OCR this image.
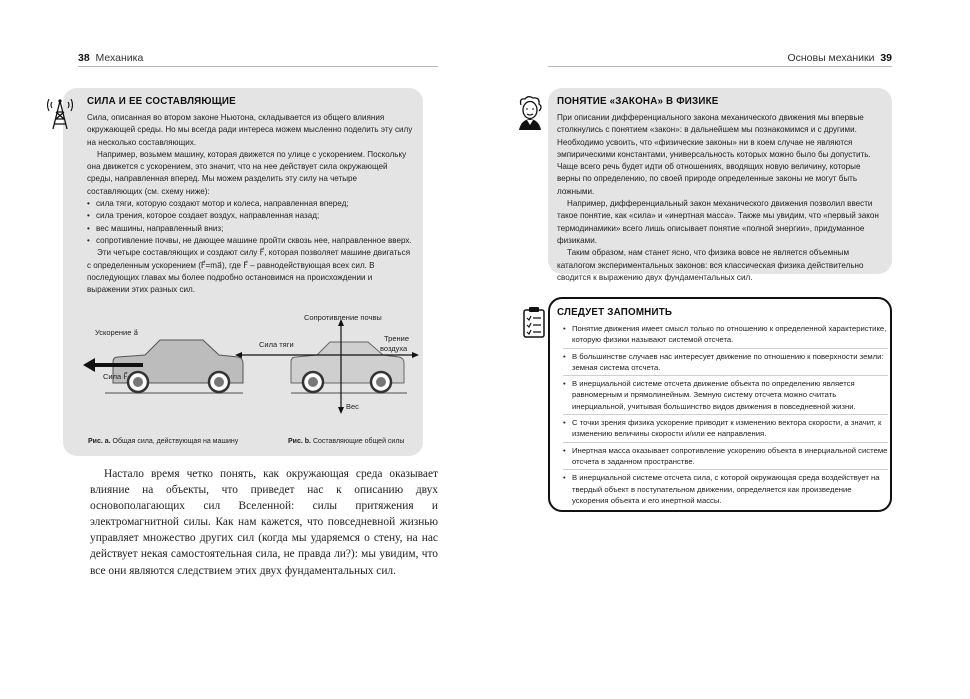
38 Механика	Основы механики 39
СИЛА И ЕЕ СОСТАВЛЯЮЩИЕ

Сила, описанная во втором законе Ньютона, складывается из общего влияния окружающей среды. Но мы всегда ради интереса можем мысленно поделить эту силу на несколько составляющих.

Например, возьмем машину, которая движется по улице с ускорением. Поскольку она движется с ускорением, это значит, что на нее действует сила окружающей среды, направленная вперед. Мы можем разделить эту силу на четыре составляющих (см. схему ниже):

• сила тяги, которую создают мотор и колеса, направленная вперед;
• сила трения, которое создает воздух, направленная назад;
• вес машины, направленный вниз;
• сопротивление почвы, не дающее машине пройти сквозь нее, направленное вверх.

Эти четыре составляющих и создают силу F⃗, которая позволяет машине двигаться с определенным ускорением (F⃗=ma⃗), где F⃗ – равнодействующая всех сил. В последующих главах мы более подробно остановимся на происхождении и выражении этих разных сил.

Ускорение a⃗
Сила F⃗
Сопротивление почвы
Сила тяги
Трение
воздуха
Вес
Рис. a. Общая сила, действующая на машину	Рис. b. Составляющие общей силы

Настало время четко понять, как окружающая среда оказывает влияние на объекты, что приведет нас к описанию двух основополагающих сил Вселенной: силы притяжения и электромагнитной силы. Как нам кажется, что повседневной жизнью управляет множество других сил (когда мы ударяемся о стену, на нас действует некая самостоятельная сила, не правда ли?): мы увидим, что все они являются следствием этих двух фундаментальных сил.

ПОНЯТИЕ «ЗАКОНА» В ФИЗИКЕ

При описании дифференциального закона механического движения мы впервые столкнулись с понятием «закон»: в дальнейшем мы познакомимся и с другими. Необходимо усвоить, что «физические законы» ни в коем случае не являются эмпирическими константами, универсальность которых можно было бы допустить. Чаще всего речь будет идти об отношениях, вводящих новую величину, которые верны по определению, по своей природе определенные законы не могут быть ложными.

Например, дифференциальный закон механического движения позволил ввести такое понятие, как «сила» и «инертная масса». Также мы увидим, что «первый закон термодинамики» всего лишь описывает понятие «полной энергии», придуманное физиками.

Таким образом, нам станет ясно, что физика вовсе не является объемным каталогом экспериментальных законов: вся классическая физика действительно сводится к выражению двух фундаментальных сил.

СЛЕДУЕТ ЗАПОМНИТЬ
• Понятие движения имеет смысл только по отношению к определенной характеристике, которую физики называют системой отсчета.
• В большинстве случаев нас интересует движение по отношению к поверхности земли: земная система отсчета.
• В инерциальной системе отсчета движение объекта по определению является равномерным и прямолинейным. Земную систему отсчета можно считать инерциальной, учитывая большинство видов движения в повседневной жизни.
• С точки зрения физика ускорение приводит к изменению вектора скорости, а значит, к изменению величины скорости и/или ее направления.
• Инертная масса оказывает сопротивление ускорению объекта в инерциальной системе отсчета в заданном пространстве.
• В инерциальной системе отсчета сила, с которой окружающая среда воздействует на твердый объект в поступательном движении, определяется как произведение ускорения объекта и его инертной массы.
